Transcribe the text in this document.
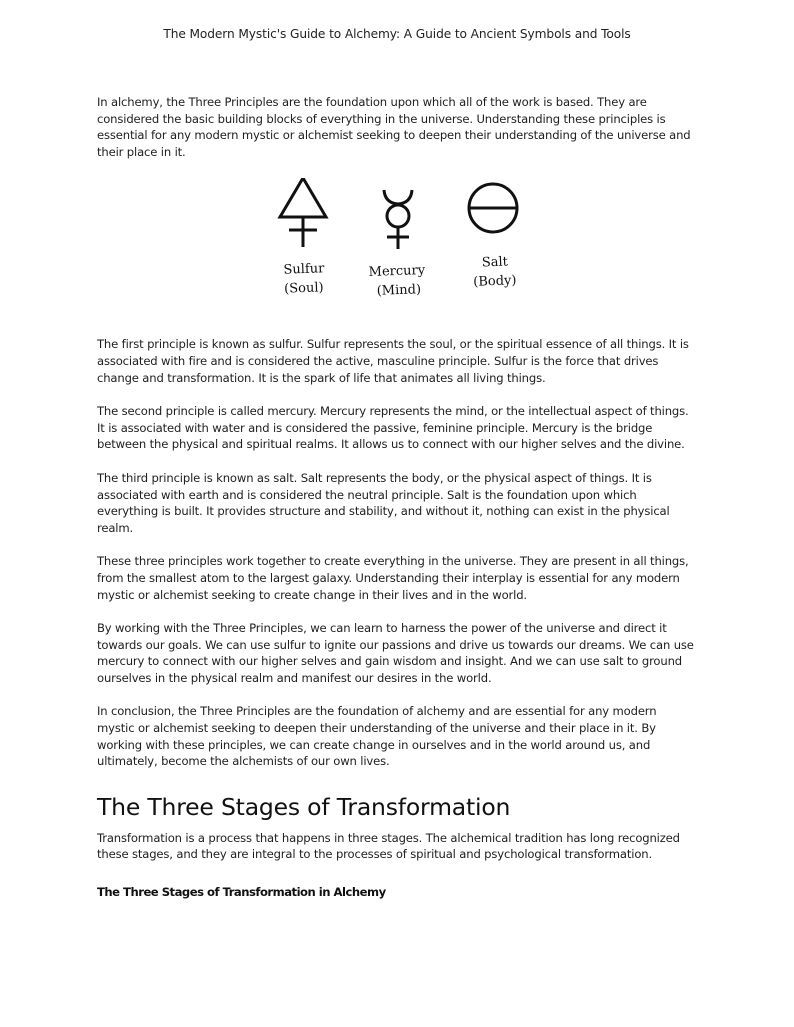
The Modern Mystic's Guide to Alchemy: A Guide to Ancient Symbols and Tools

In alchemy, the Three Principles are the foundation upon which all of the work is based. They are considered the basic building blocks of everything in the universe. Understanding these principles is essential for any modern mystic or alchemist seeking to deepen their understanding of the universe and their place in it.

Sulfur
(Soul)
Mercury
(Mind)
Salt
(Body)

The first principle is known as sulfur. Sulfur represents the soul, or the spiritual essence of all things. It is associated with fire and is considered the active, masculine principle. Sulfur is the force that drives change and transformation. It is the spark of life that animates all living things.

The second principle is called mercury. Mercury represents the mind, or the intellectual aspect of things. It is associated with water and is considered the passive, feminine principle. Mercury is the bridge between the physical and spiritual realms. It allows us to connect with our higher selves and the divine.

The third principle is known as salt. Salt represents the body, or the physical aspect of things. It is associated with earth and is considered the neutral principle. Salt is the foundation upon which everything is built. It provides structure and stability, and without it, nothing can exist in the physical realm.

These three principles work together to create everything in the universe. They are present in all things, from the smallest atom to the largest galaxy. Understanding their interplay is essential for any modern mystic or alchemist seeking to create change in their lives and in the world.

By working with the Three Principles, we can learn to harness the power of the universe and direct it towards our goals. We can use sulfur to ignite our passions and drive us towards our dreams. We can use mercury to connect with our higher selves and gain wisdom and insight. And we can use salt to ground ourselves in the physical realm and manifest our desires in the world.

In conclusion, the Three Principles are the foundation of alchemy and are essential for any modern mystic or alchemist seeking to deepen their understanding of the universe and their place in it. By working with these principles, we can create change in ourselves and in the world around us, and ultimately, become the alchemists of our own lives.

The Three Stages of Transformation

Transformation is a process that happens in three stages. The alchemical tradition has long recognized these stages, and they are integral to the processes of spiritual and psychological transformation.

The Three Stages of Transformation in Alchemy
